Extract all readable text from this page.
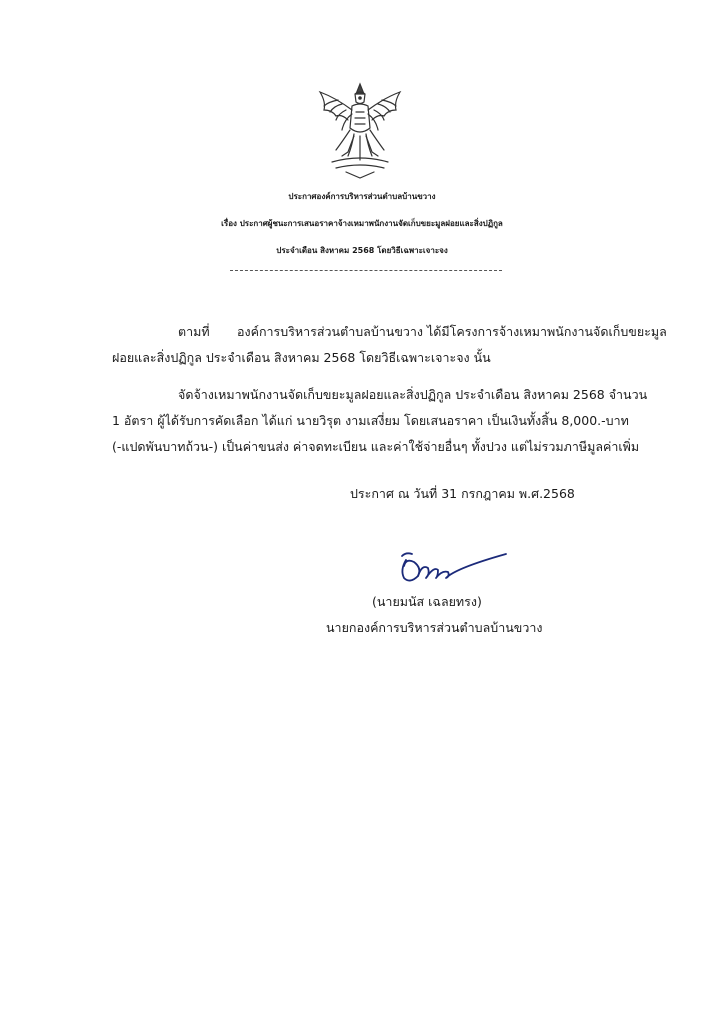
ประกาศองค์การบริหารส่วนตำบลบ้านขวาง
เรื่อง ประกาศผู้ชนะการเสนอราคาจ้างเหมาพนักงานจัดเก็บขยะมูลฝอยและสิ่งปฏิกูล
ประจำเดือน สิงหาคม 2568 โดยวิธีเฉพาะเจาะจง
ตามที่ องค์การบริหารส่วนตำบลบ้านขวาง ได้มีโครงการจ้างเหมาพนักงานจัดเก็บขยะมูล
ฝอยและสิ่งปฏิกูล ประจำเดือน สิงหาคม 2568 โดยวิธีเฉพาะเจาะจง นั้น
จัดจ้างเหมาพนักงานจัดเก็บขยะมูลฝอยและสิ่งปฏิกูล ประจำเดือน สิงหาคม 2568 จำนวน
1 อัตรา ผู้ได้รับการคัดเลือก ได้แก่ นายวิรุต งามเสงี่ยม โดยเสนอราคา เป็นเงินทั้งสิ้น 8,000.-บาท
(-แปดพันบาทถ้วน-) เป็นค่าขนส่ง ค่าจดทะเบียน และค่าใช้จ่ายอื่นๆ ทั้งปวง แต่ไม่รวมภาษีมูลค่าเพิ่ม
ประกาศ ณ วันที่ 31 กรกฎาคม พ.ศ.2568
(นายมนัส เฉลยทรง)
นายกองค์การบริหารส่วนตำบลบ้านขวาง
